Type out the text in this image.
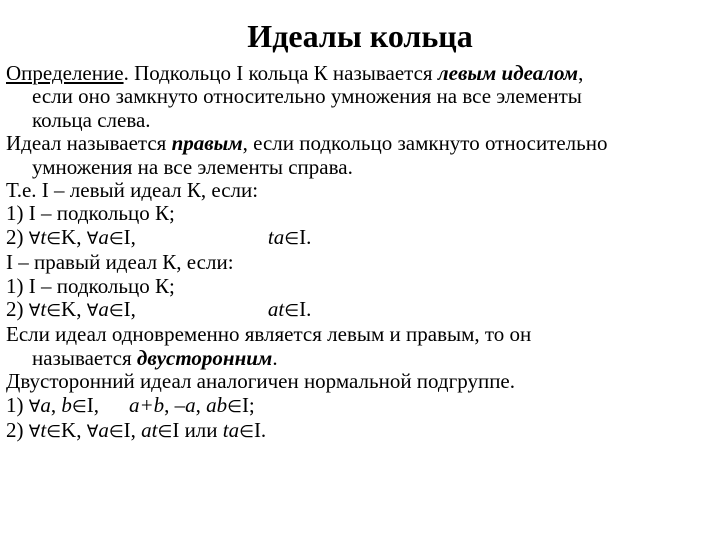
Идеалы кольца

Определение. Подкольцо I кольца К называется левым идеалом,
если оно замкнуто относительно умножения на все элементы
кольца слева.

Идеал называется правым, если подкольцо замкнуто относительно
умножения на все элементы справа.

Т.е. I – левый идеал К, если:

1) I – подкольцо К;

2) ∀t∈K, ∀a∈I,	ta∈I.

I – правый идеал К, если:

1) I – подкольцо К;

2) ∀t∈K, ∀a∈I,	at∈I.

Если идеал одновременно является левым и правым, то он
называется двусторонним.

Двусторонний идеал аналогичен нормальной подгруппе.

1) ∀a, b∈I, a+b, –a, ab∈I;

2) ∀t∈K, ∀a∈I, at∈I или ta∈I.
